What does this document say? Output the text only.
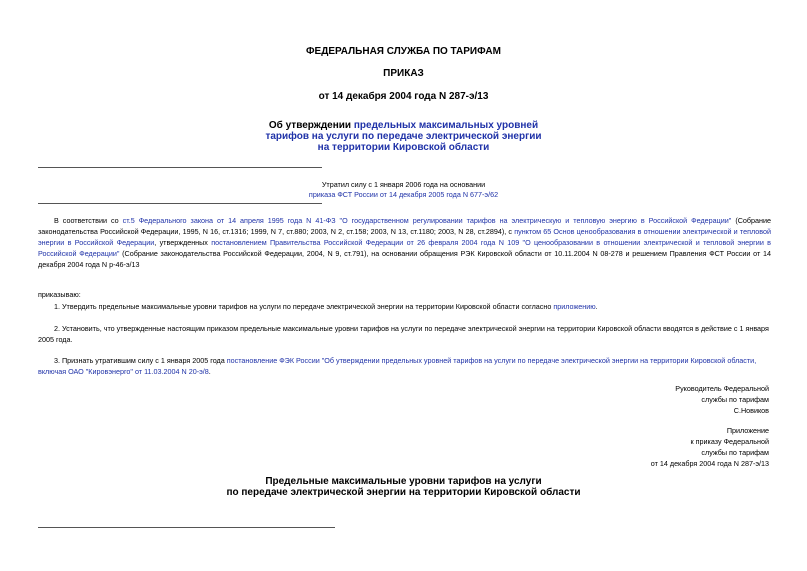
ФЕДЕРАЛЬНАЯ СЛУЖБА ПО ТАРИФАМ
ПРИКАЗ
от 14 декабря 2004 года N 287-э/13
Об утверждении предельных максимальных уровней
тарифов на услуги по передаче электрической энергии
на территории Кировской области
Утратил силу с 1 января 2006 года на основании
приказа ФСТ России от 14 декабря 2005 года N 677-э/62
В соответствии со ст.5 Федерального закона от 14 апреля 1995 года N 41-ФЗ "О государственном регулировании тарифов на электрическую и тепловую энергию в Российской Федерации" (Собрание законодательства Российской Федерации, 1995, N 16, ст.1316; 1999, N 7, ст.880; 2003, N 2, ст.158; 2003, N 13, ст.1180; 2003, N 28, ст.2894), с пунктом 65 Основ ценообразования в отношении электрической и тепловой энергии в Российской Федерации, утвержденных постановлением Правительства Российской Федерации от 26 февраля 2004 года N 109 "О ценообразовании в отношении электрической и тепловой энергии в Российской Федерации" (Собрание законодательства Российской Федерации, 2004, N 9, ст.791), на основании обращения РЭК Кировской области от 10.11.2004 N 08-278 и решением Правления ФСТ России от 14 декабря 2004 года N р-46-э/13
приказываю:
1. Утвердить предельные максимальные уровни тарифов на услуги по передаче электрической энергии на территории Кировской области согласно приложению.
2. Установить, что утвержденные настоящим приказом предельные максимальные уровни тарифов на услуги по передаче электрической энергии на территории Кировской области вводятся в действие с 1 января 2005 года.
3. Признать утратившим силу с 1 января 2005 года постановление ФЭК России "Об утверждении предельных уровней тарифов на услуги по передаче электрической энергии на территории Кировской области, включая ОАО "Кировэнерго" от 11.03.2004 N 20-э/8.
Руководитель Федеральной
службы по тарифам
С.Новиков
Приложение
к приказу Федеральной
службы по тарифам
от 14 декабря 2004 года N 287-э/13
Предельные максимальные уровни тарифов на услуги
по передаче электрической энергии на территории Кировской области
